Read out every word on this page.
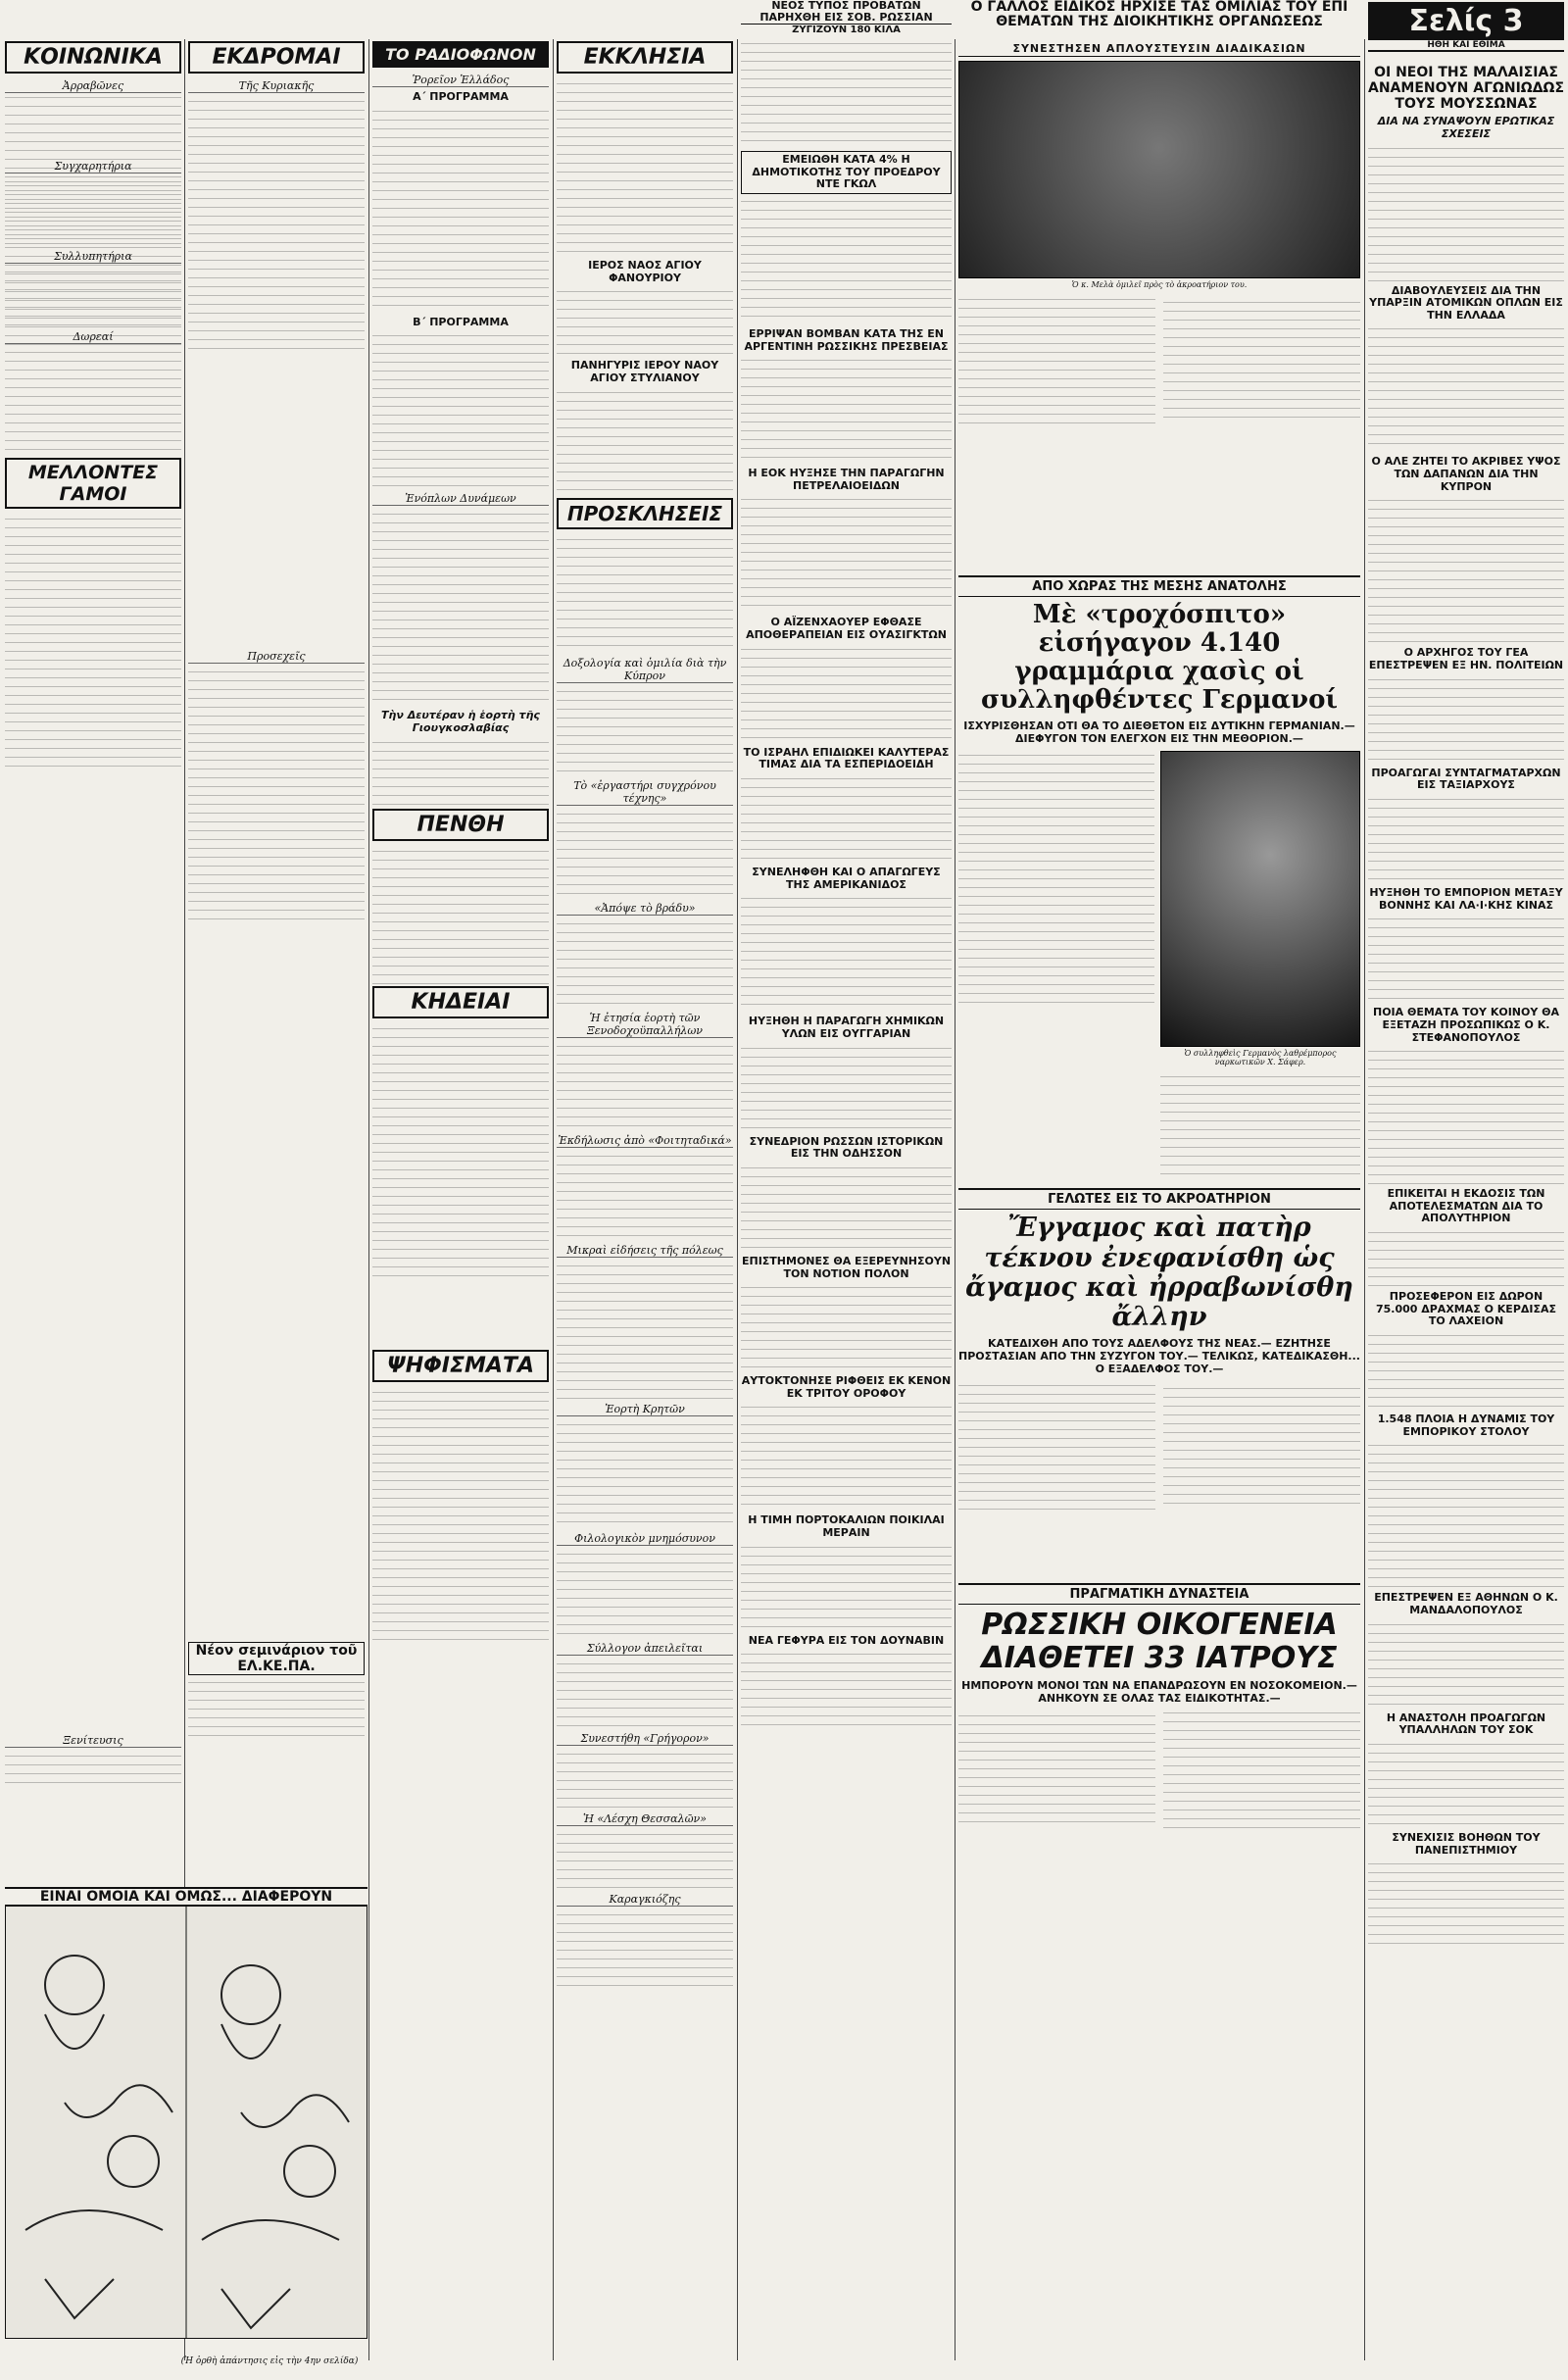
ΝΕΟΣ ΤΥΠΟΣ ΠΡΟΒΑΤΩΝ ΠΑΡΗΧΘΗ ΕΙΣ ΣΟΒ. ΡΩΣΣΙΑΝ
ΖΥΓΙΖΟΥΝ 180 ΚΙΛΑ
Ο ΓΑΛΛΟΣ ΕΙΔΙΚΟΣ ΗΡΧΙΣΕ ΤΑΣ ΟΜΙΛΙΑΣ ΤΟΥ ΕΠΙ ΘΕΜΑΤΩΝ ΤΗΣ ΔΙΟΙΚΗΤΙΚΗΣ ΟΡΓΑΝΩΣΕΩΣ	Σελίς 3
ΗΘΗ ΚΑΙ ΕΘΙΜΑ
ΚΟΙΝΩΝΙΚΑ
Ἀρραβῶνες
Συγχαρητήρια
Συλλυπητήρια
Δωρεαί
ΜΕΛΛΟΝΤΕΣ ΓΑΜΟΙ
Ξενίτευσις
ΕΙΝΑΙ ΟΜΟΙΑ ΚΑΙ ΟΜΩΣ... ΔΙΑΦΕΡΟΥΝ
ΕΚΔΡΟΜΑΙ
Τῆς Κυριακῆς
Προσεχεῖς
Νέον σεμινάριον τοῦ ΕΛ.ΚΕ.ΠΑ.
ΤΟ ΡΑΔΙΟΦΩΝΟΝ
Ῥορεῖον Ἑλλάδος
Α΄ ΠΡΟΓΡΑΜΜΑ
Β΄ ΠΡΟΓΡΑΜΜΑ
Ἐνόπλων Δυνάμεων
Τὴν Δευτέραν ἡ ἑορτὴ τῆς Γιουγκοσλαβίας
ΠΕΝΘΗ
ΚΗΔΕΙΑΙ
ΨΗΦΙΣΜΑΤΑ
ΕΚΚΛΗΣΙΑ
ΙΕΡΟΣ ΝΑΟΣ ΑΓΙΟΥ ΦΑΝΟΥΡΙΟΥ
ΠΑΝΗΓΥΡΙΣ ΙΕΡΟΥ ΝΑΟΥ ΑΓΙΟΥ ΣΤΥΛΙΑΝΟΥ
ΠΡΟΣΚΛΗΣΕΙΣ
Δοξολογία καὶ ὁμιλία διὰ τὴν Κύπρον
Τὸ «ἐργαστήρι συγχρόνου τέχνης»
«Ἀπόψε τὸ βράδυ»
Ἡ ἐτησία ἑορτὴ τῶν Ξενοδοχοϋπαλλήλων
Ἐκδήλωσις ἀπὸ «Φοιτηταδικά»
Μικραὶ εἰδήσεις τῆς πόλεως
Ἑορτὴ Κρητῶν
Φιλολογικὸν μνημόσυνον
Σύλλογον ἀπειλεῖται
Συνεστήθη «Γρήγορον»
Ἡ «Λέσχη Θεσσαλῶν»
Καραγκιόζης
ΕΜΕΙΩΘΗ ΚΑΤΑ 4% Η ΔΗΜΟΤΙΚΟΤΗΣ ΤΟΥ ΠΡΟΕΔΡΟΥ ΝΤΕ ΓΚΩΛ
ΕΡΡΙΨΑΝ ΒΟΜΒΑΝ ΚΑΤΑ ΤΗΣ ΕΝ ΑΡΓΕΝΤΙΝΗ ΡΩΣΣΙΚΗΣ ΠΡΕΣΒΕΙΑΣ
Η ΕΟΚ ΗΥΞΗΣΕ ΤΗΝ ΠΑΡΑΓΩΓΗΝ ΠΕΤΡΕΛΑΙΟΕΙΔΩΝ
Ο ΑΪΖΕΝΧΑΟΥΕΡ ΕΦΘΑΣΕ ΑΠΟΘΕΡΑΠΕΙΑΝ ΕΙΣ ΟΥΑΣΙΓΚΤΩΝ
ΤΟ ΙΣΡΑΗΛ ΕΠΙΔΙΩΚΕΙ ΚΑΛΥΤΕΡΑΣ ΤΙΜΑΣ ΔΙΑ ΤΑ ΕΣΠΕΡΙΔΟΕΙΔΗ
ΣΥΝΕΛΗΦΘΗ ΚΑΙ Ο ΑΠΑΓΩΓΕΥΣ ΤΗΣ ΑΜΕΡΙΚΑΝΙΔΟΣ
ΗΥΞΗΘΗ Η ΠΑΡΑΓΩΓΗ ΧΗΜΙΚΩΝ ΥΛΩΝ ΕΙΣ ΟΥΓΓΑΡΙΑΝ
ΣΥΝΕΔΡΙΟΝ ΡΩΣΣΩΝ ΙΣΤΟΡΙΚΩΝ ΕΙΣ ΤΗΝ ΟΔΗΣΣΟΝ
ΕΠΙΣΤΗΜΟΝΕΣ ΘΑ ΕΞΕΡΕΥΝΗΣΟΥΝ ΤΟΝ ΝΟΤΙΟΝ ΠΟΛΟΝ
ΑΥΤΟΚΤΟΝΗΣΕ ΡΙΦΘΕΙΣ ΕΚ ΚΕΝΟΝ ΕΚ ΤΡΙΤΟΥ ΟΡΟΦΟΥ
Η ΤΙΜΗ ΠΟΡΤΟΚΑΛΙΩΝ ΠΟΙΚΙΛΑΙ ΜΕΡΑΙΝ
ΝΕΑ ΓΕΦΥΡΑ ΕΙΣ ΤΟΝ ΔΟΥΝΑΒΙΝ
ΣΥΝΕΣΤΗΣΕΝ ΑΠΛΟΥΣΤΕΥΣΙΝ ΔΙΑΔΙΚΑΣΙΩΝ
Ὁ κ. Μελὰ ὁμιλεῖ πρὸς τὸ ἀκροατήριον του.
ΑΠΟ ΧΩΡΑΣ ΤΗΣ ΜΕΣΗΣ ΑΝΑΤΟΛΗΣ
Μὲ «τροχόσπιτο» εἰσήγαγον 4.140 γραμμάρια χασὶς οἱ συλληφθέντες Γερμανοί
ΙΣΧΥΡΙΣΘΗΣΑΝ ΟΤΙ ΘΑ ΤΟ ΔΙΕΘΕΤΟΝ ΕΙΣ ΔΥΤΙΚΗΝ ΓΕΡΜΑΝΙΑΝ.— ΔΙΕΦΥΓΟΝ ΤΟΝ ΕΛΕΓΧΟΝ ΕΙΣ ΤΗΝ ΜΕΘΟΡΙΟΝ.—
Ὁ συλληφθεὶς Γερμανὸς λαθρέμπορος ναρκωτικῶν Χ. Σάφερ.
ΓΕΛΩΤΕΣ ΕΙΣ ΤΟ ΑΚΡΟΑΤΗΡΙΟΝ
Ἔγγαμος καὶ πατὴρ τέκνου ἐνεφανίσθη ὡς ἄγαμος καὶ ἠρραβωνίσθη ἄλλην
ΚΑΤΕΔΙΧΘΗ ΑΠΟ ΤΟΥΣ ΑΔΕΛΦΟΥΣ ΤΗΣ ΝΕΑΣ.— ΕΖΗΤΗΣΕ ΠΡΟΣΤΑΣΙΑΝ ΑΠΟ ΤΗΝ ΣΥΖΥΓΟΝ ΤΟΥ.— ΤΕΛΙΚΩΣ, ΚΑΤΕΔΙΚΑΣΘΗ... Ο ΕΞΑΔΕΛΦΟΣ ΤΟΥ.—
ΠΡΑΓΜΑΤΙΚΗ ΔΥΝΑΣΤΕΙΑ
ΡΩΣΣΙΚΗ ΟΙΚΟΓΕΝΕΙΑ ΔΙΑΘΕΤΕΙ 33 ΙΑΤΡΟΥΣ
ΗΜΠΟΡΟΥΝ ΜΟΝΟΙ ΤΩΝ ΝΑ ΕΠΑΝΔΡΩΣΟΥΝ ΕΝ ΝΟΣΟΚΟΜΕΙΟΝ.— ΑΝΗΚΟΥΝ ΣΕ ΟΛΑΣ ΤΑΣ ΕΙΔΙΚΟΤΗΤΑΣ.—
ΟΙ ΝΕΟΙ ΤΗΣ ΜΑΛΑΙΣΙΑΣ ΑΝΑΜΕΝΟΥΝ ΑΓΩΝΙΩΔΩΣ ΤΟΥΣ ΜΟΥΣΣΩΝΑΣ
ΔΙΑ ΝΑ ΣΥΝΑΨΟΥΝ ΕΡΩΤΙΚΑΣ ΣΧΕΣΕΙΣ
ΔΙΑΒΟΥΛΕΥΣΕΙΣ ΔΙΑ ΤΗΝ ΥΠΑΡΞΙΝ ΑΤΟΜΙΚΩΝ ΟΠΛΩΝ ΕΙΣ ΤΗΝ ΕΛΛΑΔΑ
Ο ΑΛΕ ΖΗΤΕΙ ΤΟ ΑΚΡΙΒΕΣ ΥΨΟΣ ΤΩΝ ΔΑΠΑΝΩΝ ΔΙΑ ΤΗΝ ΚΥΠΡΟΝ
Ο ΑΡΧΗΓΟΣ ΤΟΥ ΓΕΑ ΕΠΕΣΤΡΕΨΕΝ ΕΞ ΗΝ. ΠΟΛΙΤΕΙΩΝ
ΠΡΟΑΓΩΓΑΙ ΣΥΝΤΑΓΜΑΤΑΡΧΩΝ ΕΙΣ ΤΑΞΙΑΡΧΟΥΣ
ΗΥΞΗΘΗ ΤΟ ΕΜΠΟΡΙΟΝ ΜΕΤΑΞΥ ΒΟΝΝΗΣ ΚΑΙ ΛΑ·Ι·ΚΗΣ ΚΙΝΑΣ
ΠΟΙΑ ΘΕΜΑΤΑ ΤΟΥ ΚΟΙΝΟΥ ΘΑ ΕΞΕΤΑΖΗ ΠΡΟΣΩΠΙΚΩΣ Ο Κ. ΣΤΕΦΑΝΟΠΟΥΛΟΣ
ΕΠΙΚΕΙΤΑΙ Η ΕΚΔΟΣΙΣ ΤΩΝ ΑΠΟΤΕΛΕΣΜΑΤΩΝ ΔΙΑ ΤΟ ΑΠΟΛΥΤΗΡΙΟΝ
ΠΡΟΣΕΦΕΡΟΝ ΕΙΣ ΔΩΡΟΝ 75.000 ΔΡΑΧΜΑΣ Ο ΚΕΡΔΙΣΑΣ ΤΟ ΛΑΧΕΙΟΝ
1.548 ΠΛΟΙΑ Η ΔΥΝΑΜΙΣ ΤΟΥ ΕΜΠΟΡΙΚΟΥ ΣΤΟΛΟΥ
ΕΠΕΣΤΡΕΨΕΝ ΕΞ ΑΘΗΝΩΝ Ο Κ. ΜΑΝΔΑΛΟΠΟΥΛΟΣ
Η ΑΝΑΣΤΟΛΗ ΠΡΟΑΓΩΓΩΝ ΥΠΑΛΛΗΛΩΝ ΤΟΥ ΣΟΚ
ΣΥΝΕΧΙΣΙΣ ΒΟΗΘΩΝ ΤΟΥ ΠΑΝΕΠΙΣΤΗΜΙΟΥ
(Ἡ ὀρθὴ ἀπάντησις εἰς τὴν 4ην σελίδα)
